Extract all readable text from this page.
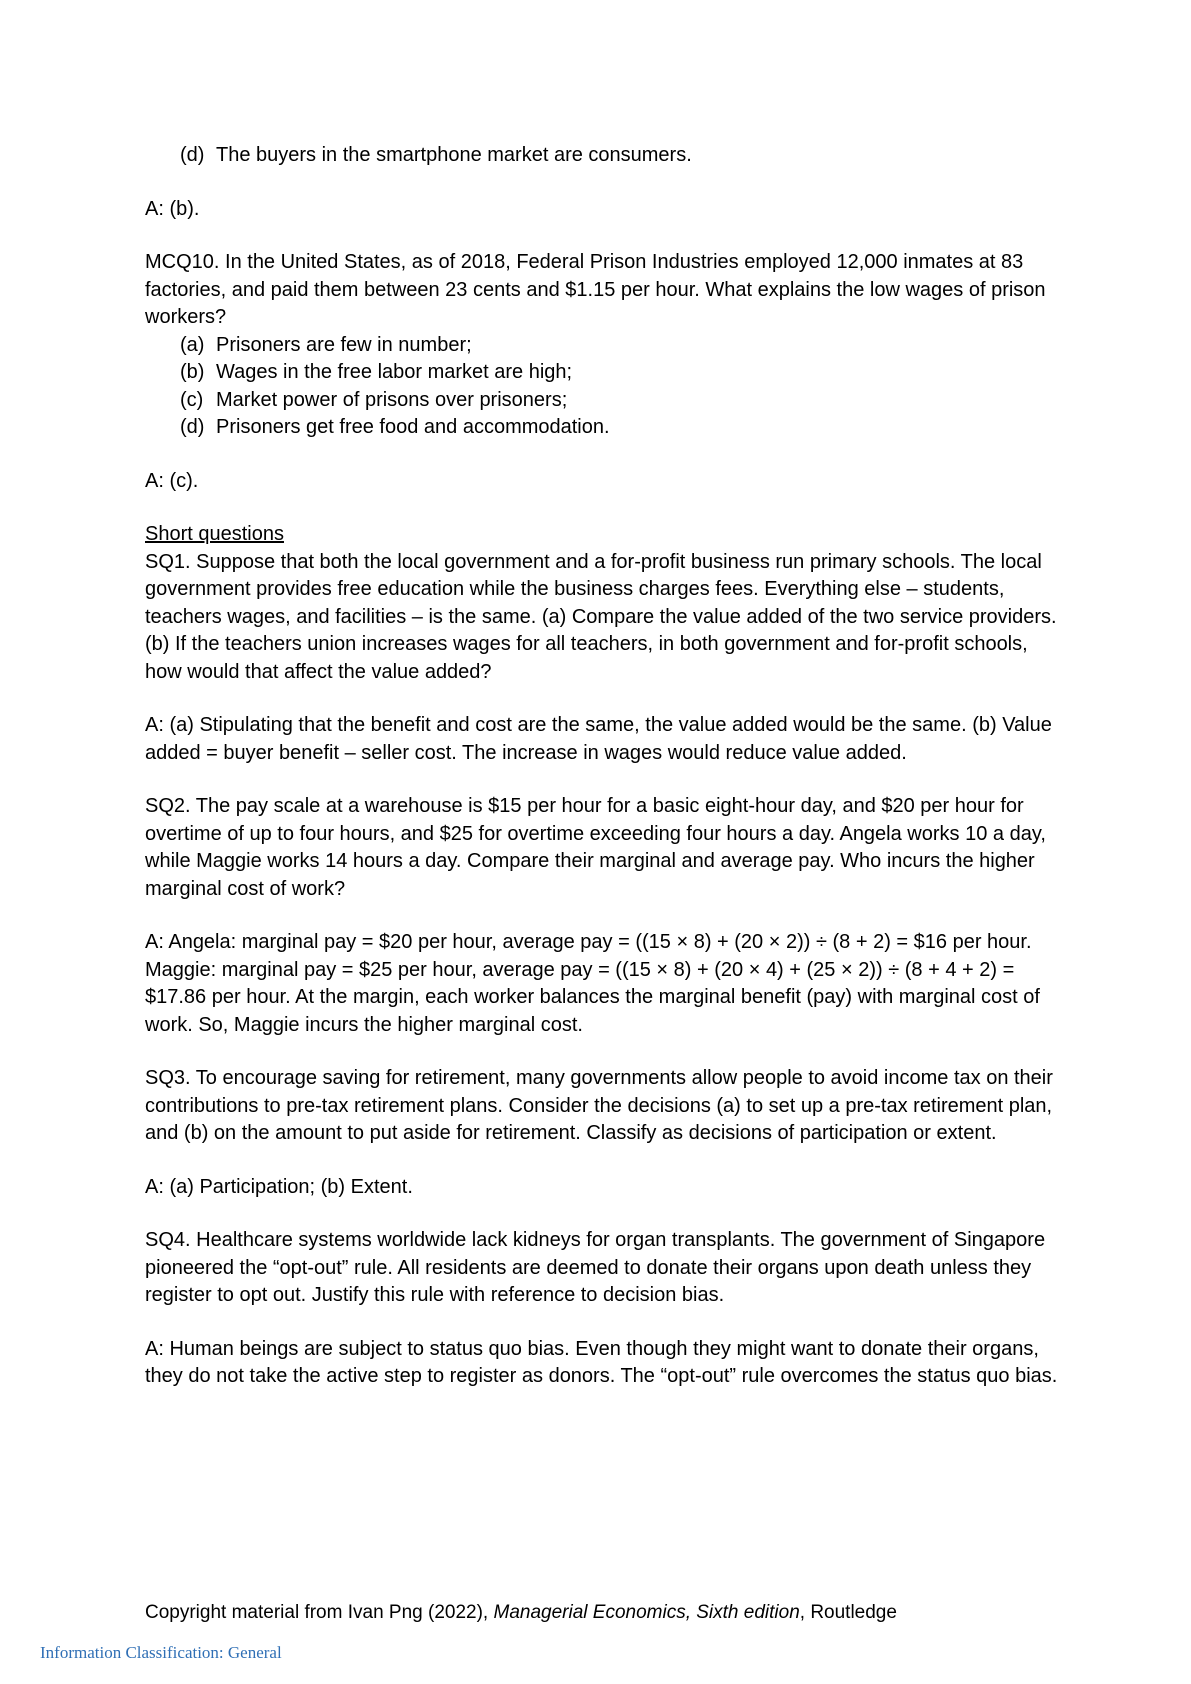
(d) The buyers in the smartphone market are consumers.

A: (b).

MCQ10. In the United States, as of 2018, Federal Prison Industries employed 12,000 inmates at 83 factories, and paid them between 23 cents and $1.15 per hour. What explains the low wages of prison workers?

(a) Prisoners are few in number;
(b) Wages in the free labor market are high;
(c) Market power of prisons over prisoners;
(d) Prisoners get free food and accommodation.

A: (c).

Short questions

SQ1. Suppose that both the local government and a for-profit business run primary schools. The local government provides free education while the business charges fees. Everything else – students, teachers wages, and facilities – is the same. (a) Compare the value added of the two service providers. (b) If the teachers union increases wages for all teachers, in both government and for-profit schools, how would that affect the value added?

A: (a) Stipulating that the benefit and cost are the same, the value added would be the same. (b) Value added = buyer benefit – seller cost. The increase in wages would reduce value added.

SQ2. The pay scale at a warehouse is $15 per hour for a basic eight-hour day, and $20 per hour for overtime of up to four hours, and $25 for overtime exceeding four hours a day. Angela works 10 a day, while Maggie works 14 hours a day. Compare their marginal and average pay. Who incurs the higher marginal cost of work?

A: Angela: marginal pay = $20 per hour, average pay = ((15 × 8) + (20 × 2)) ÷ (8 + 2) = $16 per hour. Maggie: marginal pay = $25 per hour, average pay = ((15 × 8) + (20 × 4) + (25 × 2)) ÷ (8 + 4 + 2) = $17.86 per hour. At the margin, each worker balances the marginal benefit (pay) with marginal cost of work. So, Maggie incurs the higher marginal cost.

SQ3. To encourage saving for retirement, many governments allow people to avoid income tax on their contributions to pre-tax retirement plans. Consider the decisions (a) to set up a pre-tax retirement plan, and (b) on the amount to put aside for retirement. Classify as decisions of participation or extent.

A: (a) Participation; (b) Extent.

SQ4. Healthcare systems worldwide lack kidneys for organ transplants. The government of Singapore pioneered the “opt-out” rule. All residents are deemed to donate their organs upon death unless they register to opt out. Justify this rule with reference to decision bias.

A: Human beings are subject to status quo bias. Even though they might want to donate their organs, they do not take the active step to register as donors. The “opt-out” rule overcomes the status quo bias.

Copyright material from Ivan Png (2022), Managerial Economics, Sixth edition, Routledge
Information Classification: General
